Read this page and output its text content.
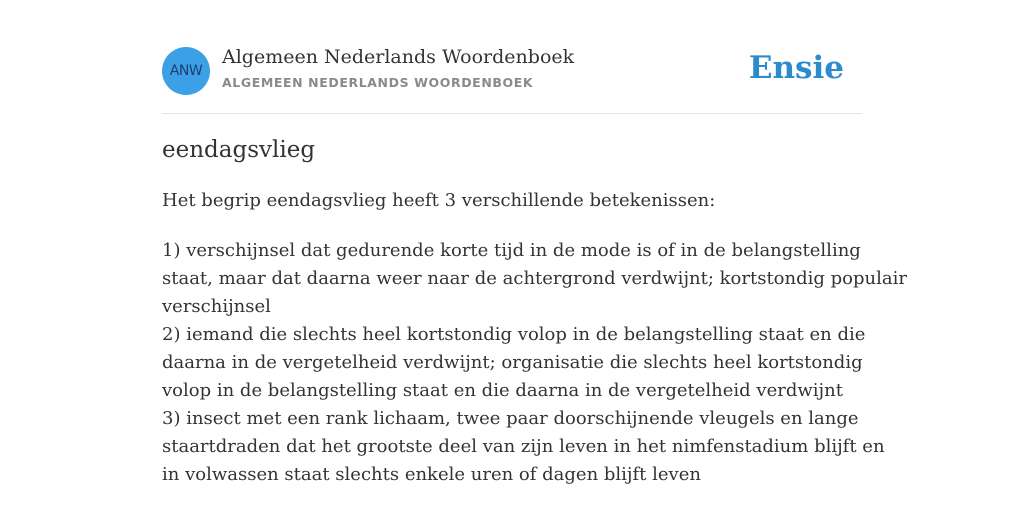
ANW
Algemeen Nederlands Woordenboek
ALGEMEEN NEDERLANDS WOORDENBOEK	Ensie
eendagsvlieg
Het begrip eendagsvlieg heeft 3 verschillende betekenissen:
1) verschijnsel dat gedurende korte tijd in de mode is of in de belangstelling
staat, maar dat daarna weer naar de achtergrond verdwijnt; kortstondig populair
verschijnsel
2) iemand die slechts heel kortstondig volop in de belangstelling staat en die
daarna in de vergetelheid verdwijnt; organisatie die slechts heel kortstondig
volop in de belangstelling staat en die daarna in de vergetelheid verdwijnt
3) insect met een rank lichaam, twee paar doorschijnende vleugels en lange
staartdraden dat het grootste deel van zijn leven in het nimfenstadium blijft en
in volwassen staat slechts enkele uren of dagen blijft leven
